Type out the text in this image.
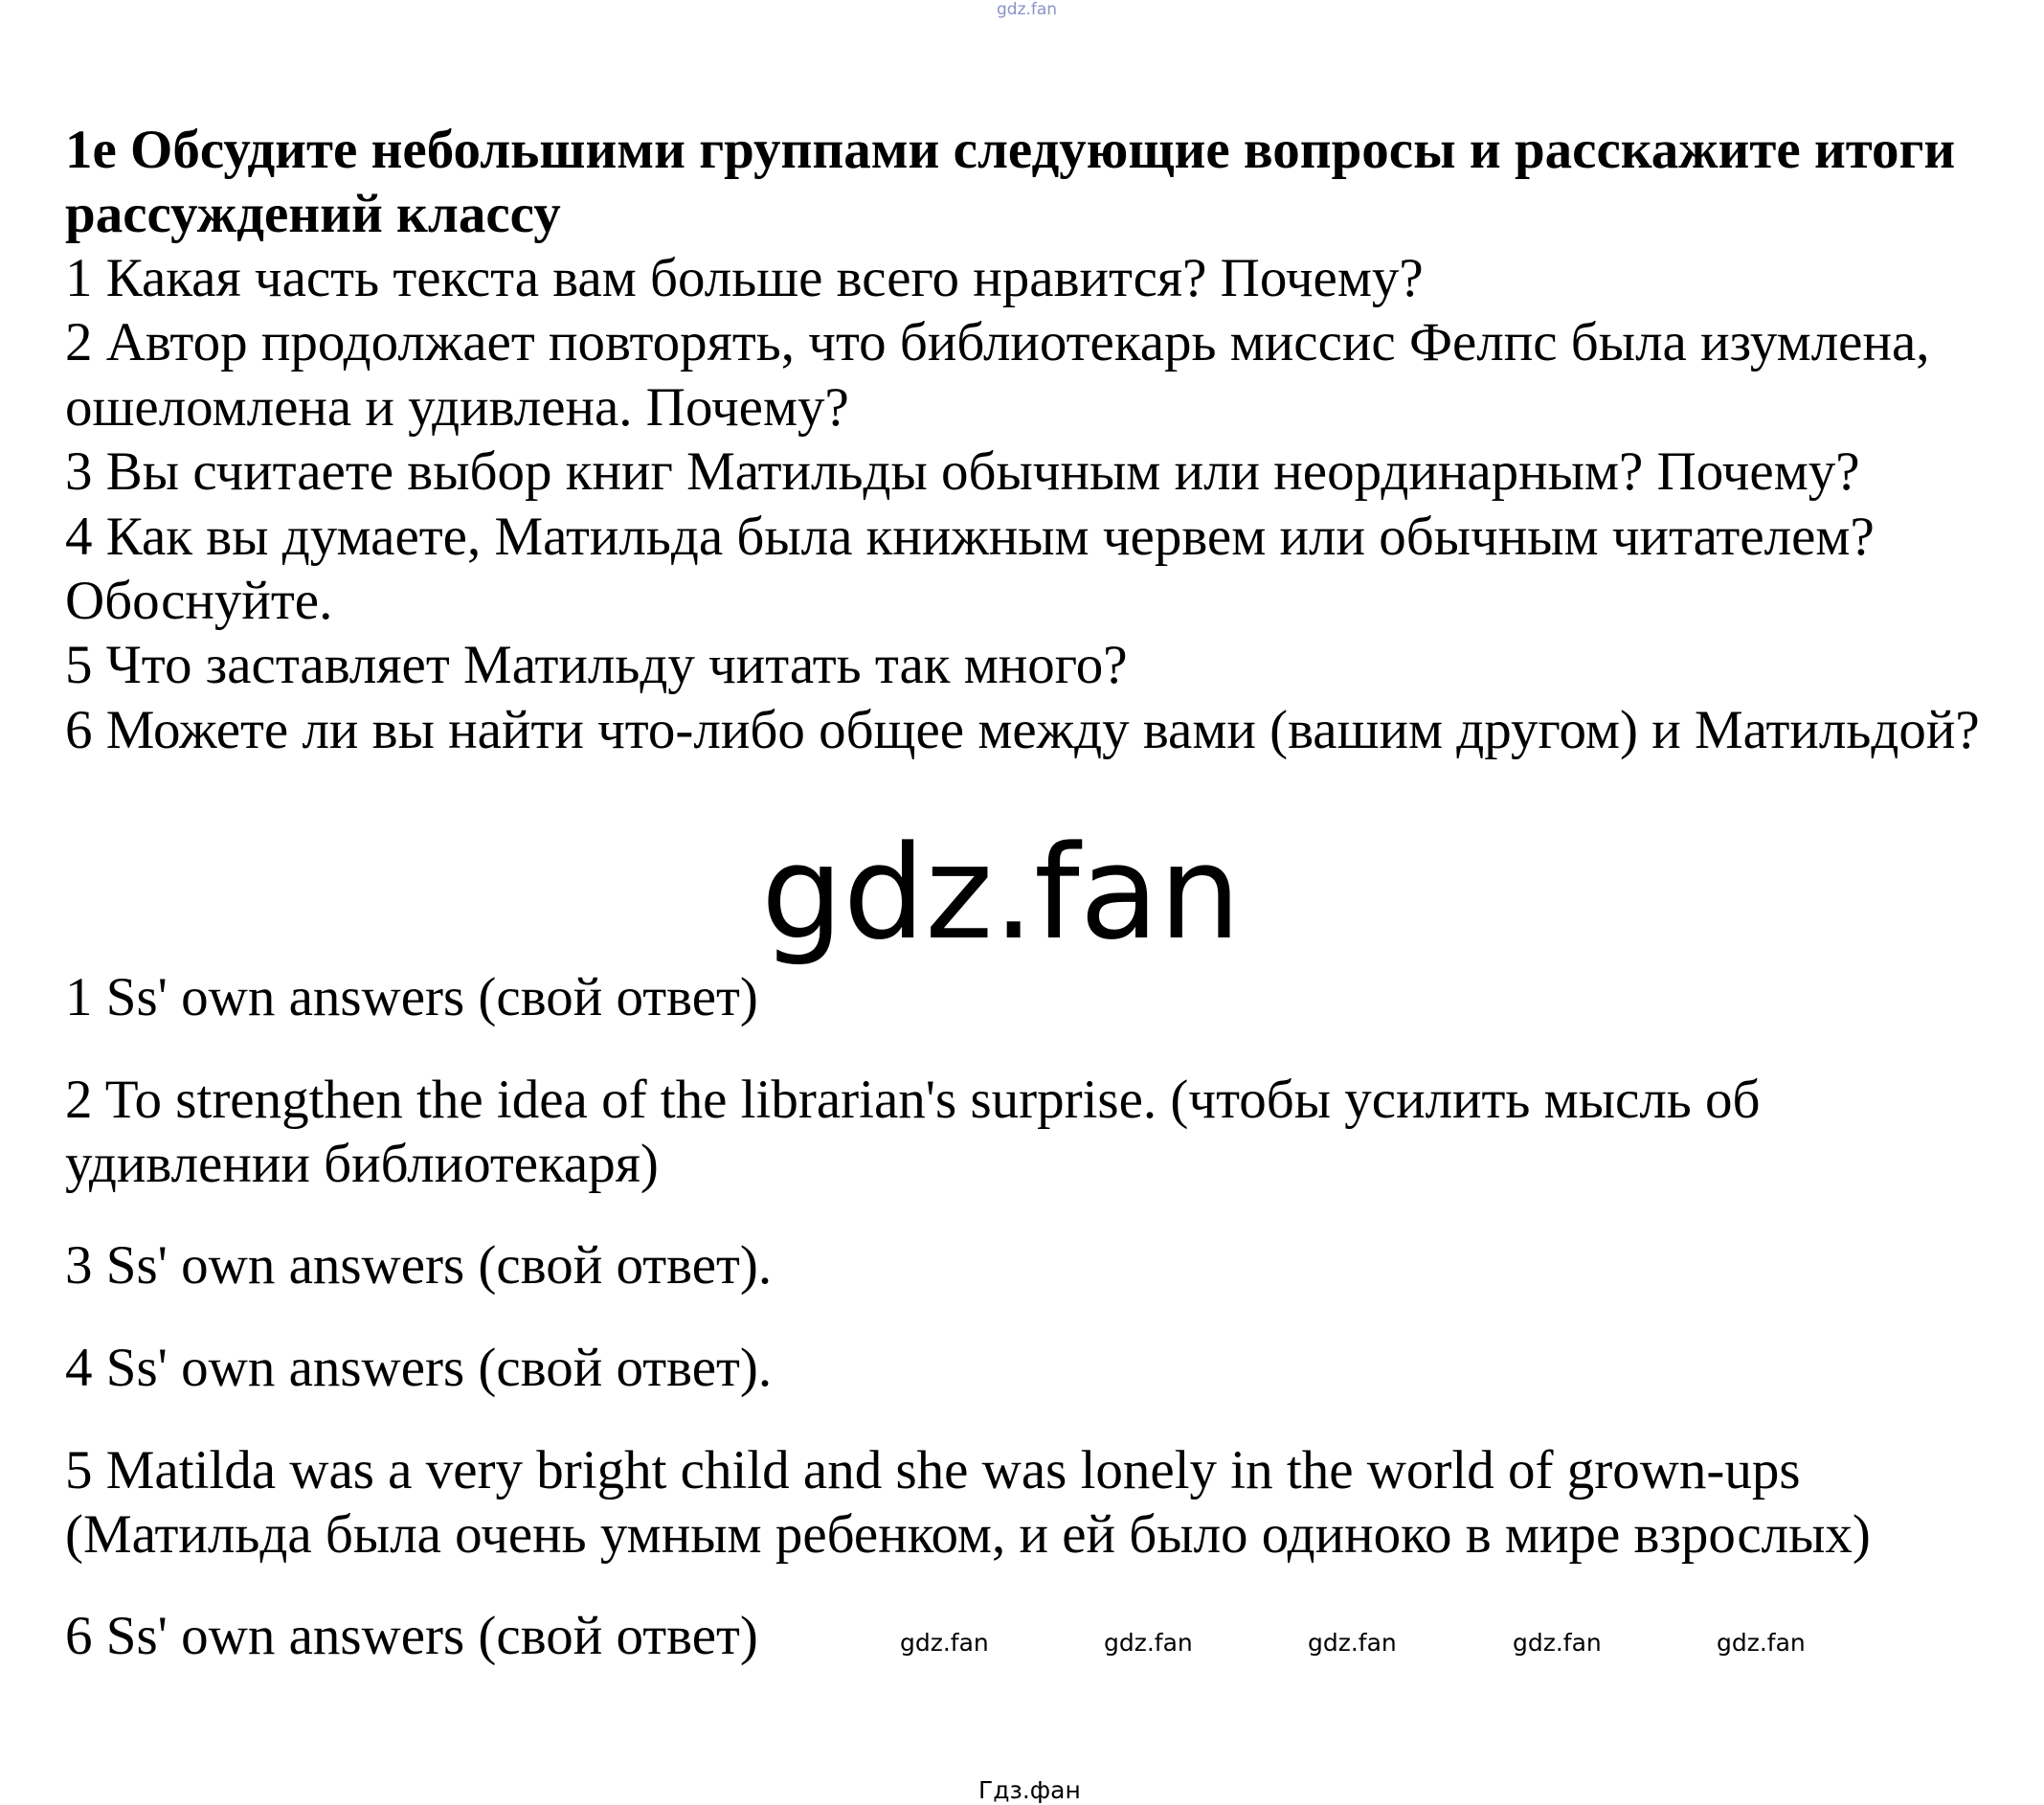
gdz.fan
1e Обсудите небольшими группами следующие вопросы и расскажите итоги рассуждений классу
1 Какая часть текста вам больше всего нравится? Почему?
2 Автор продолжает повторять, что библиотекарь миссис Фелпс была изумлена, ошеломлена и удивлена. Почему?
3 Вы считаете выбор книг Матильды обычным или неординарным? Почему?
4 Как вы думаете, Матильда была книжным червем или обычным читателем? Обоснуйте.
5 Что заставляет Матильду читать так много?
6 Можете ли вы найти что-либо общее между вами (вашим другом) и Матильдой?
gdz.fan
1 Ss' own answers (свой ответ)
2 To strengthen the idea of the librarian's surprise. (чтобы усилить мысль об удивлении библиотекаря)
3 Ss' own answers (свой ответ).
4 Ss' own answers (свой ответ).
5 Matilda was a very bright child and she was lonely in the world of grown-ups (Матильда была очень умным ребенком, и ей было одиноко в мире взрослых)
6 Ss' own answers (свой ответ)	gdz.fan	gdz.fan	gdz.fan	gdz.fan	gdz.fan
Гдз.фан
